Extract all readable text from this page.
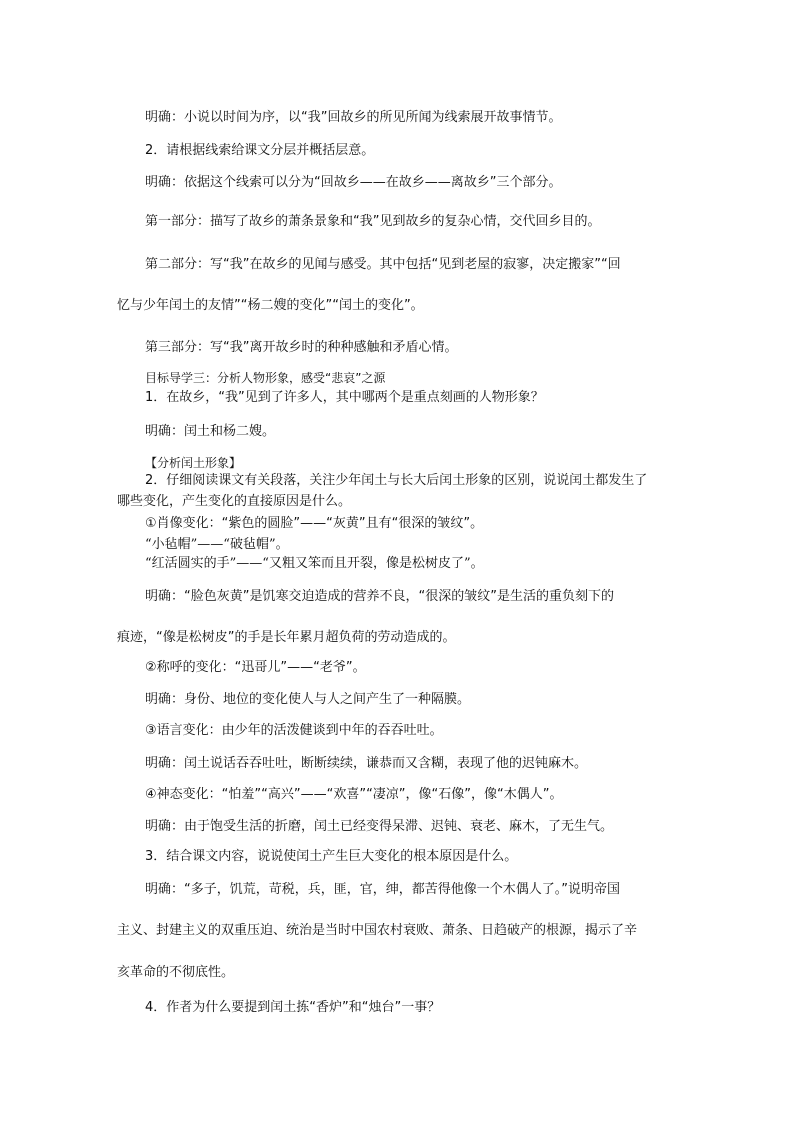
明确：小说以时间为序，以“我”回故乡的所见所闻为线索展开故事情节。

2．请根据线索给课文分层并概括层意。

明确：依据这个线索可以分为“回故乡——在故乡——离故乡”三个部分。

第一部分：描写了故乡的萧条景象和“我”见到故乡的复杂心情，交代回乡目的。

第二部分：写“我”在故乡的见闻与感受。其中包括“见到老屋的寂寥，决定搬家”“回

忆与少年闰土的友情”“杨二嫂的变化”“闰土的变化”。

第三部分：写“我”离开故乡时的种种感触和矛盾心情。

目标导学三：分析人物形象，感受“悲哀”之源

1．在故乡，“我”见到了许多人，其中哪两个是重点刻画的人物形象？

明确：闰土和杨二嫂。

【分析闰土形象】

2．仔细阅读课文有关段落，关注少年闰土与长大后闰土形象的区别，说说闰土都发生了

哪些变化，产生变化的直接原因是什么。

①肖像变化：“紫色的圆脸”——“灰黄”且有“很深的皱纹”。

“小毡帽”——“破毡帽”。

“红活圆实的手”——“又粗又笨而且开裂，像是松树皮了”。

明确：“脸色灰黄”是饥寒交迫造成的营养不良，“很深的皱纹”是生活的重负刻下的

痕迹，“像是松树皮”的手是长年累月超负荷的劳动造成的。

②称呼的变化：“迅哥儿”——“老爷”。

明确：身份、地位的变化使人与人之间产生了一种隔膜。

③语言变化：由少年的活泼健谈到中年的吞吞吐吐。

明确：闰土说话吞吞吐吐，断断续续，谦恭而又含糊，表现了他的迟钝麻木。

④神态变化：“怕羞”“高兴”——“欢喜”“凄凉”，像“石像”，像“木偶人”。

明确：由于饱受生活的折磨，闰土已经变得呆滞、迟钝、衰老、麻木，了无生气。

3．结合课文内容，说说使闰土产生巨大变化的根本原因是什么。

明确：“多子，饥荒，苛税，兵，匪，官，绅，都苦得他像一个木偶人了。”说明帝国

主义、封建主义的双重压迫、统治是当时中国农村衰败、萧条、日趋破产的根源，揭示了辛

亥革命的不彻底性。

4．作者为什么要提到闰土拣“香炉”和“烛台”一事？
